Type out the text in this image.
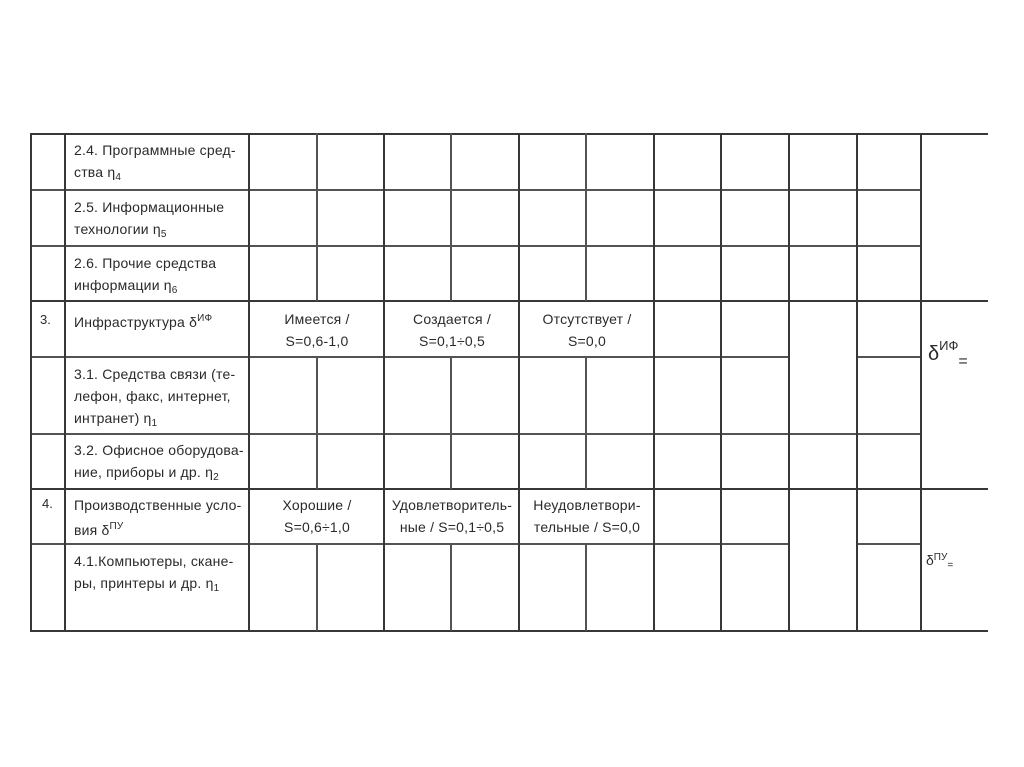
2.4. Программные сред-
ства $\eta_4$
2.5. Информационные
технологии $\eta_5$
2.6. Прочие средства
информации $\eta_6$
3. Инфраструктура $\delta^{ИФ}$	Имеется /
S=0,6-1,0
Создается /
S=0,1÷0,5
Отсутствует /
S=0,0
3.1. Средства связи (те-
лефон, факс, интернет,
интранет) $\eta_1$
3.2. Офисное оборудова-
ние, приборы и др. $\eta_2$
4. Производственные усло-
вия $\delta^{ПУ}$
Хорошие /
S=0,6÷1,0
Удовлетворитель-
ные / S=0,1÷0,5
Неудовлетвори-
тельные / S=0,0
4.1.Компьютеры, скане-
ры, принтеры и др. $\eta_1$
$\delta^{ИФ}_=$
$\delta^{ПУ}_=$
